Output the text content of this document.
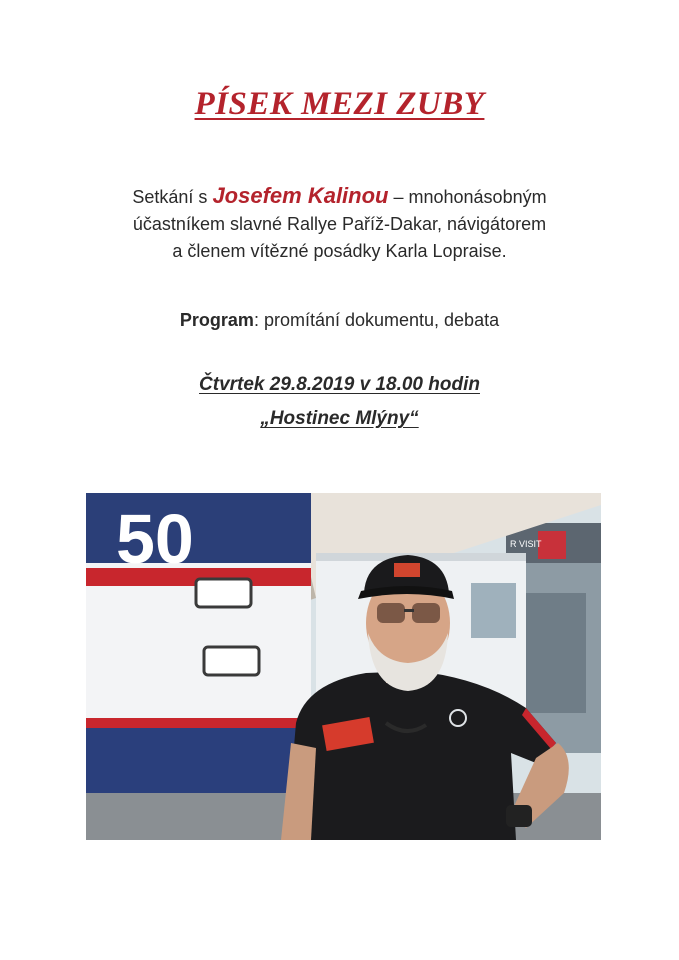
PÍSEK MEZI ZUBY
Setkání s Josefem Kalinou – mnohonásobným
účastníkem slavné Rallye Paříž-Dakar, návigátorem
a členem vítězné posádky Karla Lopraise.
Program: promítání dokumentu, debata
Čtvrtek 29.8.2019 v 18.00 hodin
„Hostinec Mlýny“
R VISIT
50
